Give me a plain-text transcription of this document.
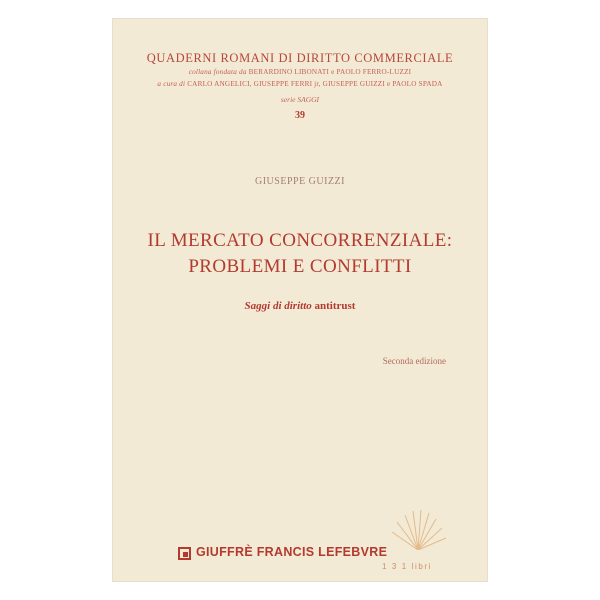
QUADERNI ROMANI DI DIRITTO COMMERCIALE
collana fondata da BERARDINO LIBONATI e PAOLO FERRO-LUZZI
a cura di CARLO ANGELICI, GIUSEPPE FERRI jr, GIUSEPPE GUIZZI e PAOLO SPADA
serie SAGGI
39
GIUSEPPE GUIZZI
IL MERCATO CONCORRENZIALE:
PROBLEMI E CONFLITTI
Saggi di diritto antitrust
Seconda edizione
GIUFFRÈ FRANCIS LEFEBVRE
1 3 1 libri
